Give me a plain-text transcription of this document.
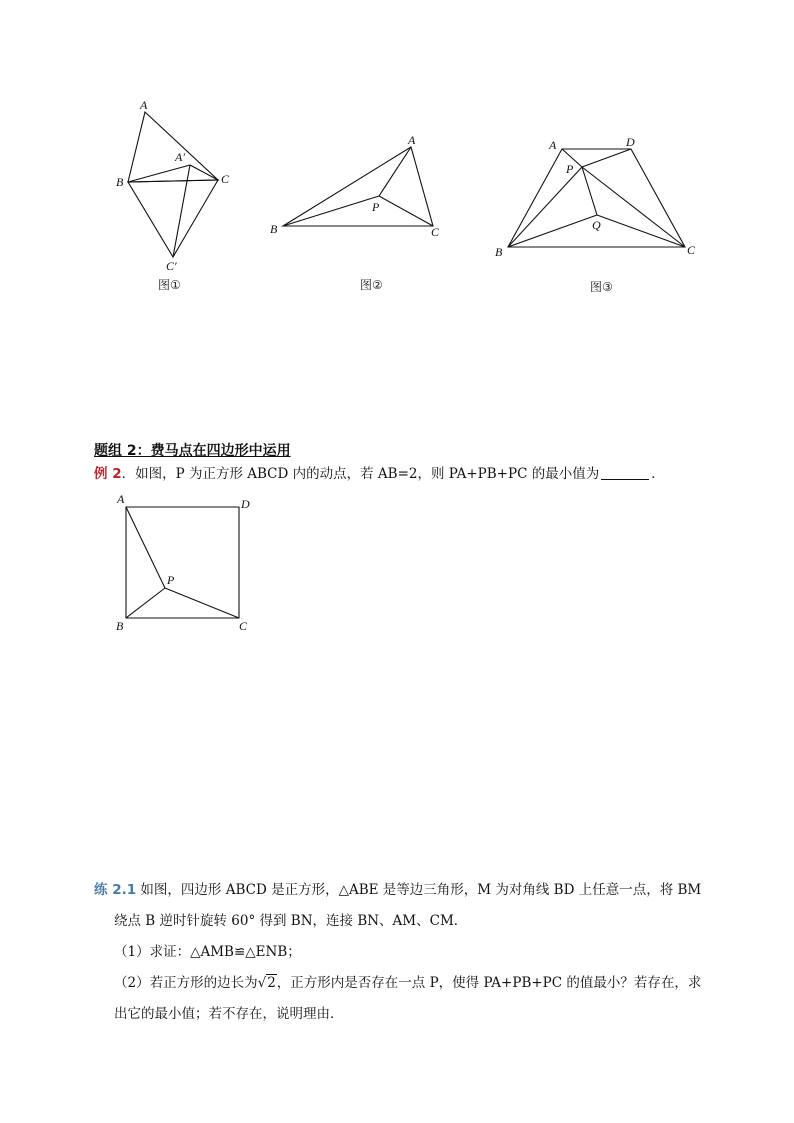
A
B	C
A′
C′
图①
A
B	C
P
图②
A	D
P
Q
B	C
图③
题组 2：费马点在四边形中运用
例 2．如图，P 为正方形 ABCD 内的动点，若 AB=2，则 PA+PB+PC 的最小值为	．
A	D
P
B	C
练 2.1 如图，四边形 ABCD 是正方形，△ABE 是等边三角形，M 为对角线 BD 上任意一点，将 BM
绕点 B 逆时针旋转 60° 得到 BN，连接 BN、AM、CM．
（1）求证：△AMB≌△ENB；
（2）若正方形的边长为√2，正方形内是否存在一点 P，使得 PA+PB+PC 的值最小？若存在，求
出它的最小值；若不存在，说明理由．
